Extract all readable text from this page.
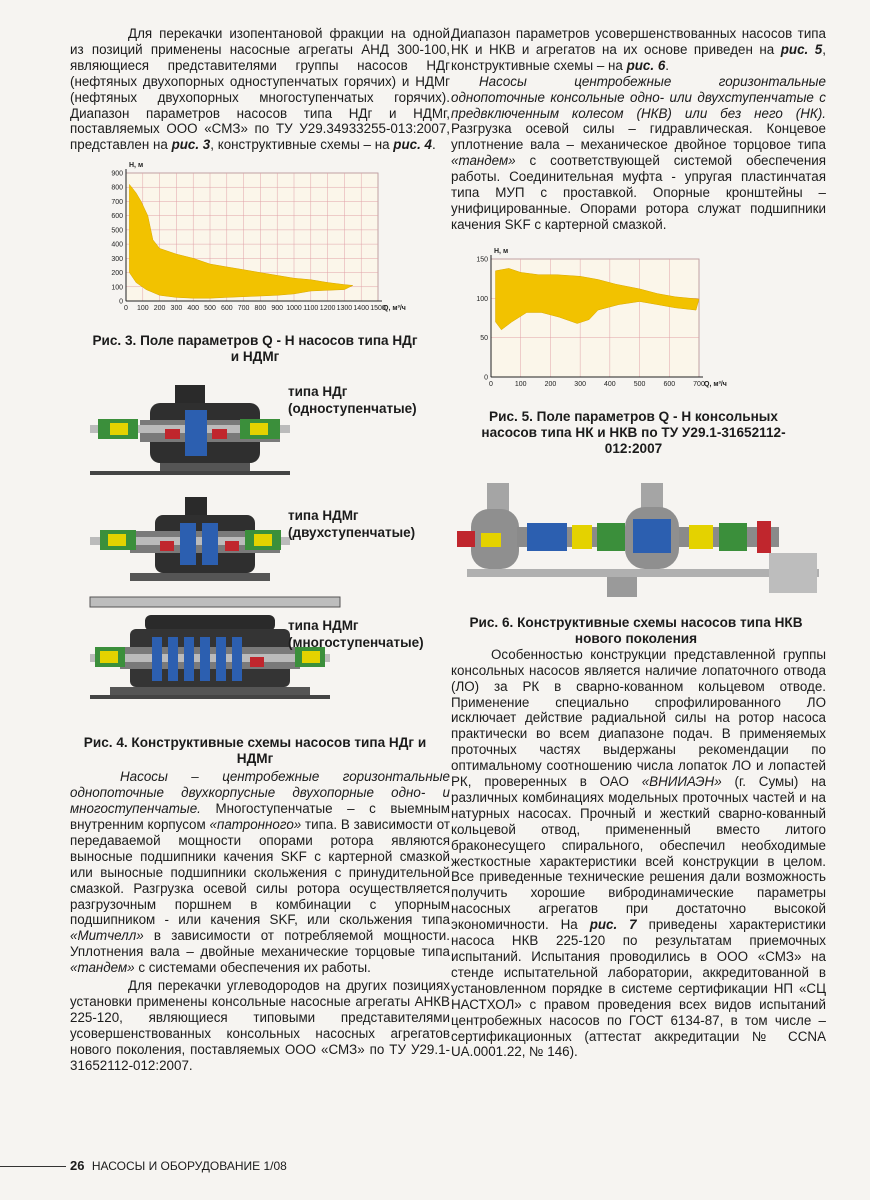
Для перекачки изопентановой фракции на одной из позиций применены насосные агрегаты АНД 300-100, являющиеся представителями группы насосов НДг (нефтяных двухопорных одноступенчатых горячих) и НДМг (нефтяных двухопорных многоступенчатых горячих). Диапазон параметров насосов типа НДг и НДМг, поставляемых ООО «СМЗ» по ТУ У29.34933255-013:2007, представлен на рис. 3, конструктивные схемы – на рис. 4.

0 100 200 300 400 500 600 700 800 900 1000 1100 1200 1300 1400 1500
0
100
200
300
400
500
600
700
800
900
H, м
Q, м³/ч

Рис. 3. Поле параметров Q - H насосов типа НДг и НДМг

типа НДг (одноступенчатые)
типа НДМг (двухступенчатые)
типа НДМг (многоступенчатые)

Рис. 4. Конструктивные схемы насосов типа НДг и НДМг

Насосы – центробежные горизонтальные однопоточные двухкорпусные двухопорные одно- и многоступенчатые. Многоступенчатые – с выемным внутренним корпусом «патронного» типа. В зависимости от передаваемой мощности опорами ротора являются выносные подшипники качения SKF с картерной смазкой или выносные подшипники скольжения с принудительной смазкой. Разгрузка осевой силы ротора осуществляется разгрузочным поршнем в комбинации с упорным подшипником - или качения SKF, или скольжения типа «Митчелл» в зависимости от потребляемой мощности. Уплотнения вала – двойные механические торцовые типа «тандем» с системами обеспечения их работы.

Для перекачки углеводородов на других позициях установки применены консольные насосные агрегаты АНКВ 225-120, являющиеся типовыми представителями усовершенствованных консольных насосных агрегатов нового поколения, поставляемых ООО «СМЗ» по ТУ У29.1-31652112-012:2007.

Диапазон параметров усовершенствованных насосов типа НК и НКВ и агрегатов на их основе приведен на рис. 5, конструктивные схемы – на рис. 6.

Насосы центробежные горизонтальные однопоточные консольные одно- или двухступенчатые с предвключенным колесом (НКВ) или без него (НК). Разгрузка осевой силы – гидравлическая. Концевое уплотнение вала – механическое двойное торцовое типа «тандем» с соответствующей системой обеспечения работы. Соединительная муфта - упругая пластинчатая типа МУП с проставкой. Опорные кронштейны – унифицированные. Опорами ротора служат подшипники качения SKF с картерной смазкой.

0	100	200	300	400	500	600	700
0
50
100
150
H, м
Q, м³/ч

Рис. 5. Поле параметров Q - H консольных насосов типа НК и НКВ по ТУ У29.1-31652112-012:2007

Рис. 6. Конструктивные схемы насосов типа НКВ нового поколения

Особенностью конструкции представленной группы консольных насосов является наличие лопаточного отвода (ЛО) за РК в сварно-кованном кольцевом отводе. Применение специально спрофилированного ЛО исключает действие радиальной силы на ротор насоса практически во всем диапазоне подач. В применяемых проточных частях выдержаны рекомендации по оптимальному соотношению числа лопаток ЛО и лопастей РК, проверенных в ОАО «ВНИИАЭН» (г. Сумы) на различных комбинациях модельных проточных частей и на натурных насосах. Прочный и жесткий сварно-кованный кольцевой отвод, примененный вместо литого браконесущего спирального, обеспечил необходимые жесткостные характеристики всей конструкции в целом. Все приведенные технические решения дали возможность получить хорошие вибродинамические параметры насосных агрегатов при достаточно высокой экономичности. На рис. 7 приведены характеристики насоса НКВ 225-120 по результатам приемочных испытаний. Испытания проводились в ООО «СМЗ» на стенде испытательной лаборатории, аккредитованной в установленном порядке в системе сертификации НП «СЦ НАСТХОЛ» с правом проведения всех видов испытаний центробежных насосов по ГОСТ 6134-87, в том числе – сертификационных (аттестат аккредитации № CCNA UA.0001.22, № 146).

26 НАСОСЫ И ОБОРУДОВАНИЕ 1/08
